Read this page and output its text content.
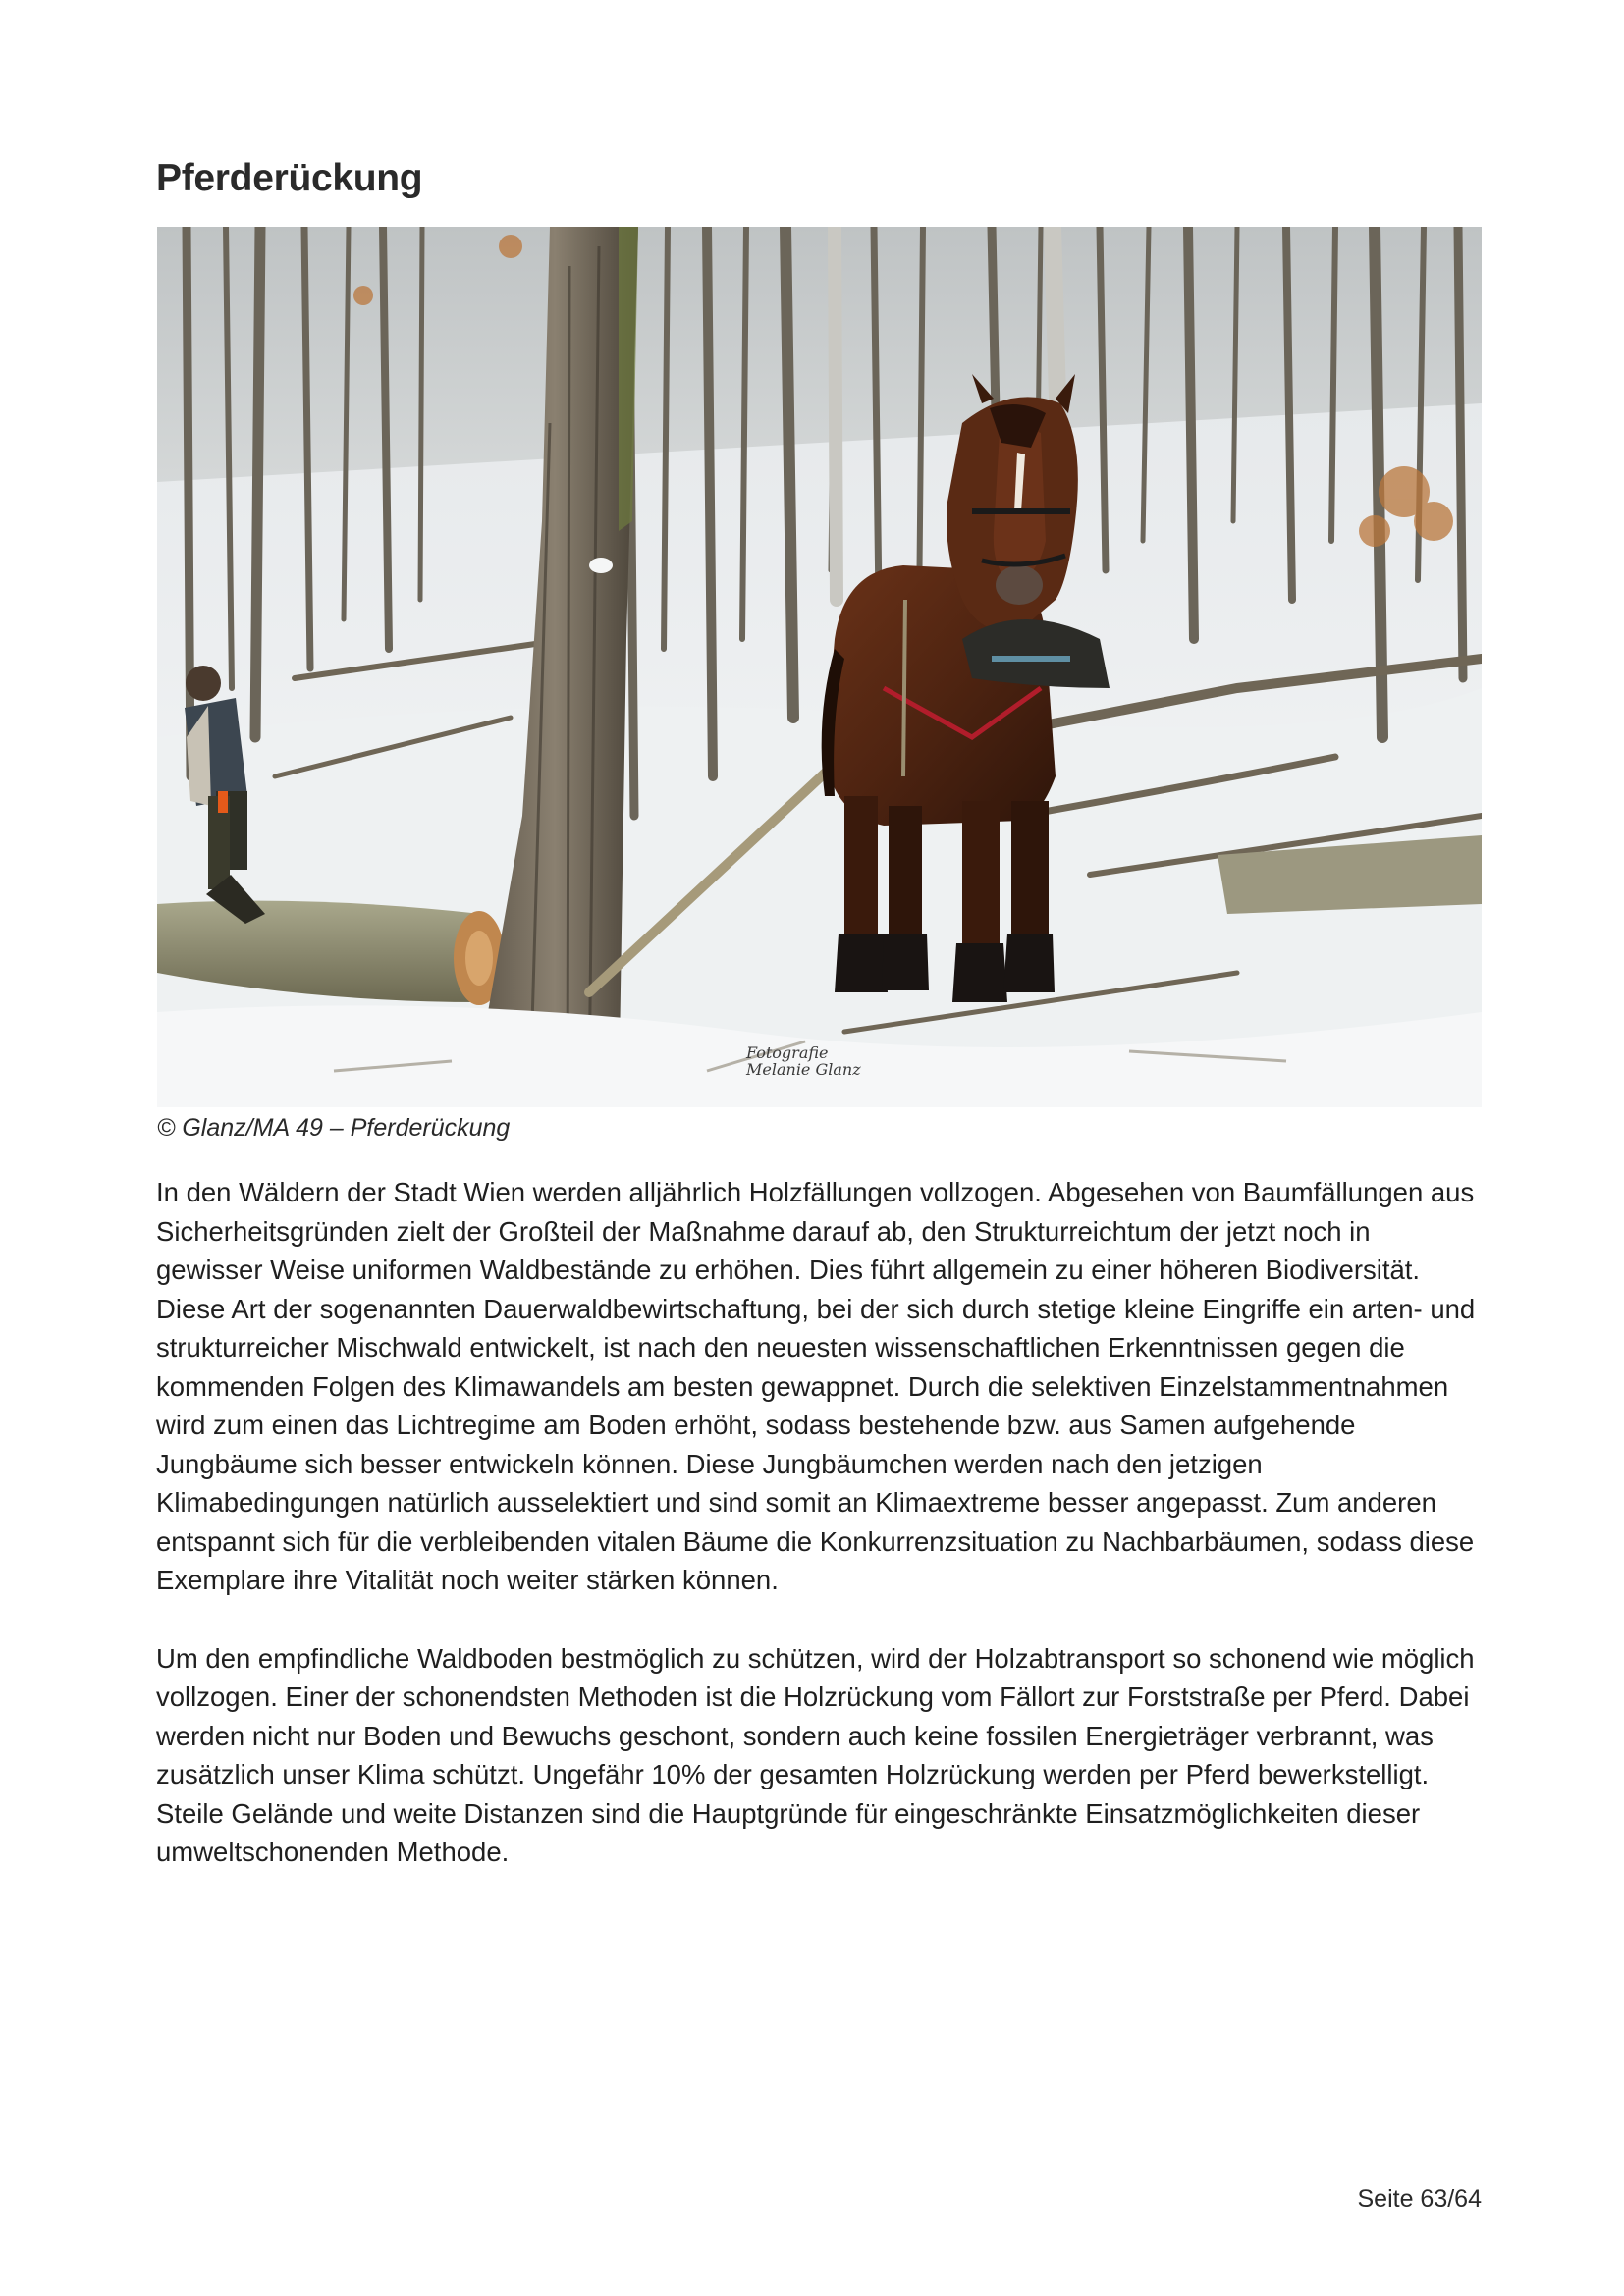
Pferderückung
Fotografie
Melanie Glanz
© Glanz/MA 49 – Pferderückung

In den Wäldern der Stadt Wien werden alljährlich Holzfällungen vollzogen. Abgesehen von Baumfällungen aus Sicherheitsgründen zielt der Großteil der Maßnahme darauf ab, den Strukturreichtum der jetzt noch in gewisser Weise uniformen Waldbestände zu erhöhen. Dies führt allgemein zu einer höheren Biodiversität. Diese Art der sogenannten Dauerwaldbewirtschaftung, bei der sich durch stetige kleine Eingriffe ein arten- und strukturreicher Mischwald entwickelt, ist nach den neuesten wissenschaftlichen Erkenntnissen gegen die kommenden Folgen des Klimawandels am besten gewappnet. Durch die selektiven Einzelstammentnahmen wird zum einen das Lichtregime am Boden erhöht, sodass bestehende bzw. aus Samen aufgehende Jungbäume sich besser entwickeln können. Diese Jungbäumchen werden nach den jetzigen Klimabedingungen natürlich ausselektiert und sind somit an Klimaextreme besser angepasst. Zum anderen entspannt sich für die verbleibenden vitalen Bäume die Konkurrenzsituation zu Nachbarbäumen, sodass diese Exemplare ihre Vitalität noch weiter stärken können.

Um den empfindliche Waldboden bestmöglich zu schützen, wird der Holzabtransport so schonend wie möglich vollzogen. Einer der schonendsten Methoden ist die Holzrückung vom Fällort zur Forststraße per Pferd. Dabei werden nicht nur Boden und Bewuchs geschont, sondern auch keine fossilen Energieträger verbrannt, was zusätzlich unser Klima schützt. Ungefähr 10% der gesamten Holzrückung werden per Pferd bewerkstelligt. Steile Gelände und weite Distanzen sind die Hauptgründe für eingeschränkte Einsatzmöglichkeiten dieser umweltschonenden Methode.

Seite 63/64
